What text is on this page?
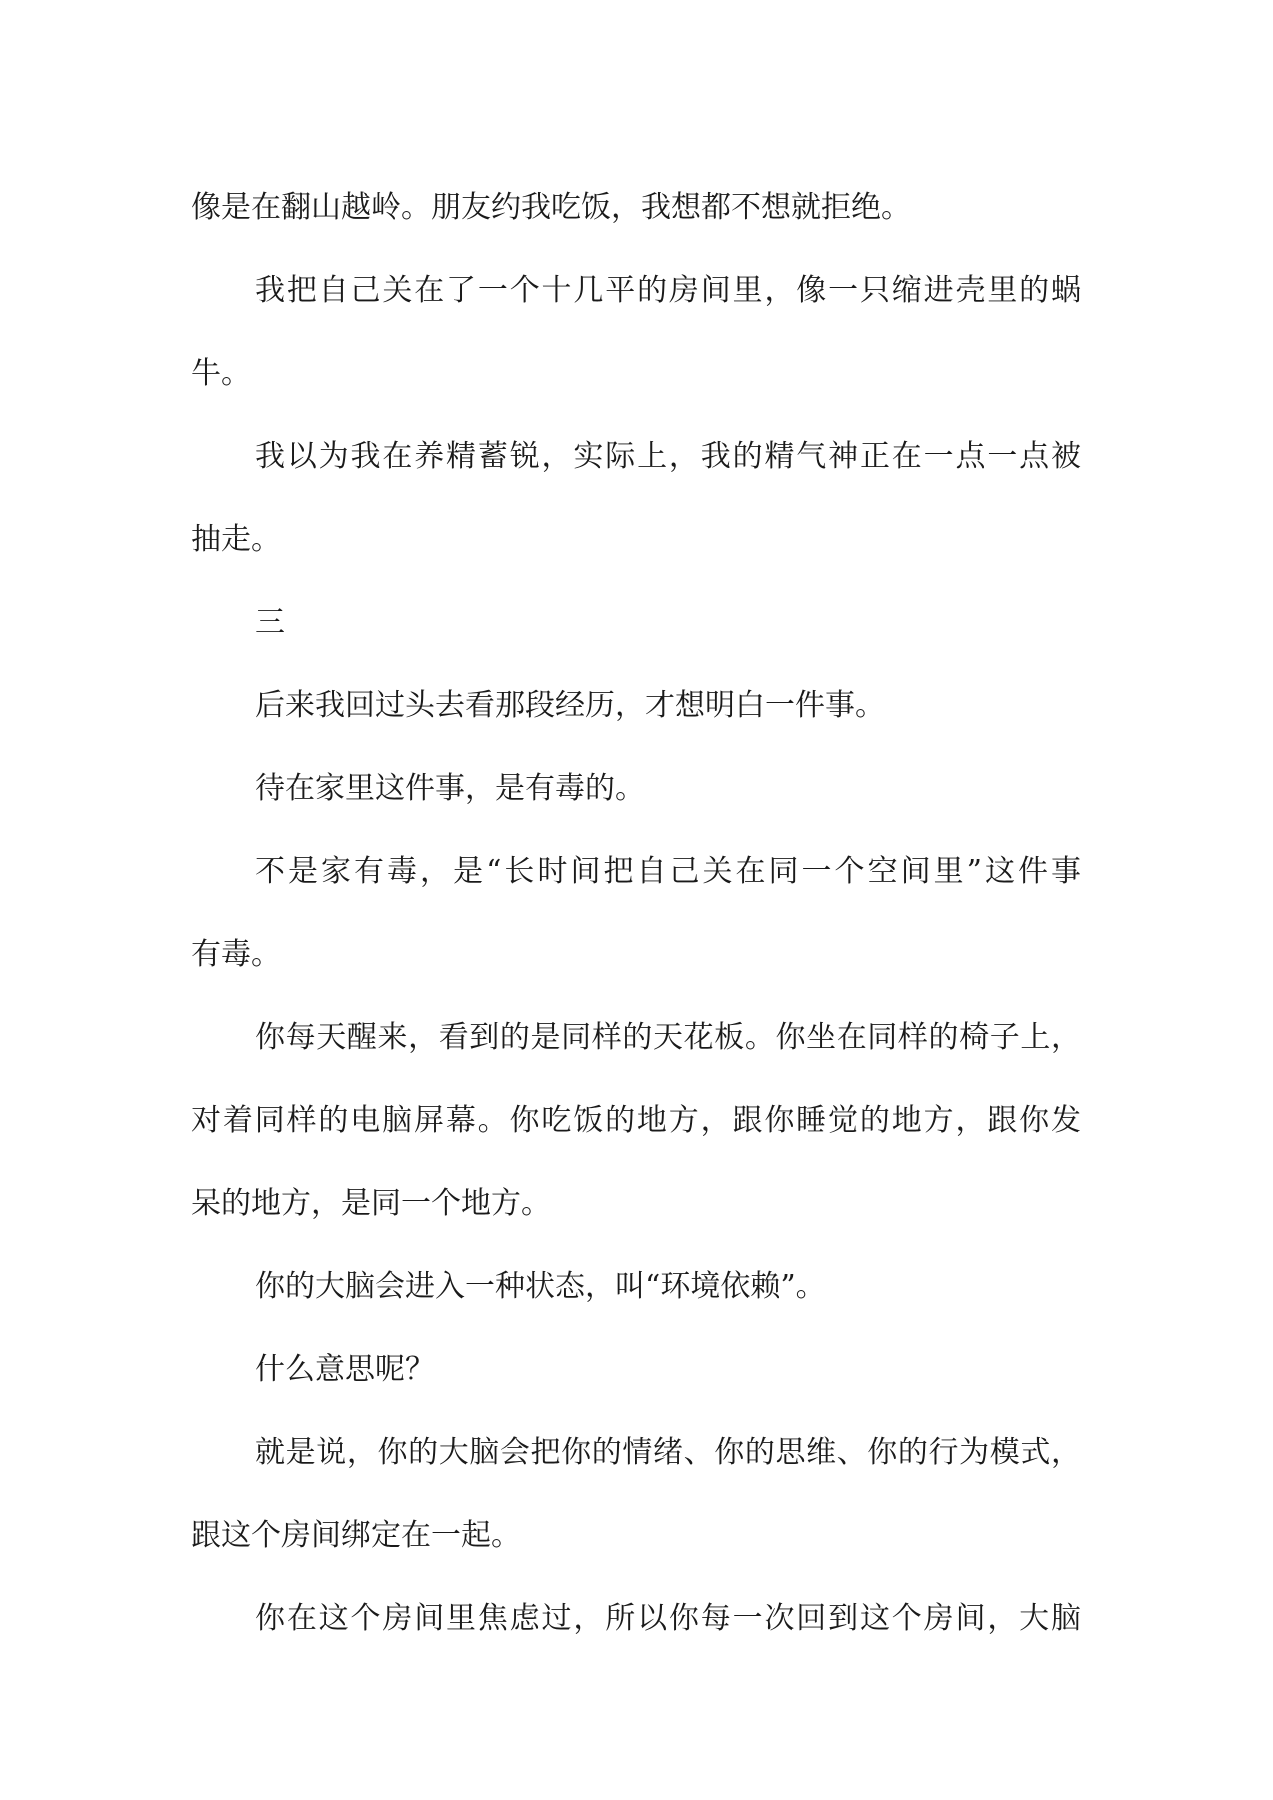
像是在翻山越岭。朋友约我吃饭，我想都不想就拒绝。

我把自己关在了一个十几平的房间里，像一只缩进壳里的蜗

牛。

我以为我在养精蓄锐，实际上，我的精气神正在一点一点被

抽走。

三

后来我回过头去看那段经历，才想明白一件事。

待在家里这件事，是有毒的。

不是家有毒，是“长时间把自己关在同一个空间里”这件事

有毒。

你每天醒来，看到的是同样的天花板。你坐在同样的椅子上，

对着同样的电脑屏幕。你吃饭的地方，跟你睡觉的地方，跟你发

呆的地方，是同一个地方。

你的大脑会进入一种状态，叫“环境依赖”。

什么意思呢？

就是说，你的大脑会把你的情绪、你的思维、你的行为模式，

跟这个房间绑定在一起。

你在这个房间里焦虑过，所以你每一次回到这个房间，大脑
